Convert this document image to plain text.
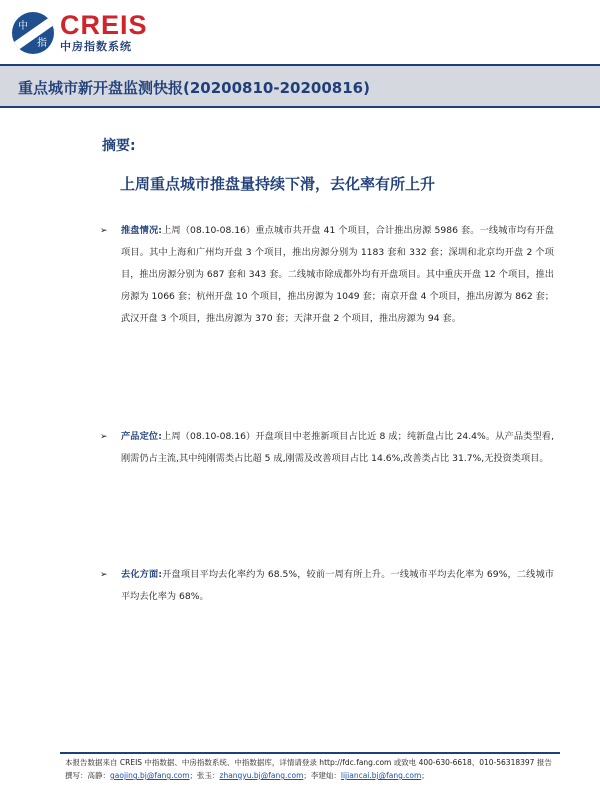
中
指
CREIS
中房指数系统
重点城市新开盘监测快报(20200810-20200816)
摘要:
上周重点城市推盘量持续下滑，去化率有所上升
➢	推盘情况:上周（08.10-08.16）重点城市共开盘 41 个项目，合计推出房源 5986 套。一线城市均有开盘项目。其中上海和广州均开盘 3 个项目，推出房源分别为 1183 套和 332 套；深圳和北京均开盘 2 个项目，推出房源分别为 687 套和 343 套。二线城市除成都外均有开盘项目。其中重庆开盘 12 个项目，推出房源为 1066 套；杭州开盘 10 个项目，推出房源为 1049 套；南京开盘 4 个项目，推出房源为 862 套；武汉开盘 3 个项目，推出房源为 370 套；天津开盘 2 个项目，推出房源为 94 套。
➢	产品定位:上周（08.10-08.16）开盘项目中老推新项目占比近 8 成；纯新盘占比 24.4%。从产品类型看,刚需仍占主流,其中纯刚需类占比超 5 成,刚需及改善项目占比 14.6%,改善类占比 31.7%,无投资类项目。
➢	去化方面:开盘项目平均去化率约为 68.5%，较前一周有所上升。一线城市平均去化率为 69%，二线城市平均去化率为 68%。
本报告数据来自 CREIS 中指数据、中房指数系统、中指数据库，详情请登录 http://fdc.fang.com 或致电 400-630-6618、010-56318397 报告
撰写：高静：gaojing.bj@fang.com；张玉：zhangyu.bj@fang.com；李建灿：lijiancai.bj@fang.com；
